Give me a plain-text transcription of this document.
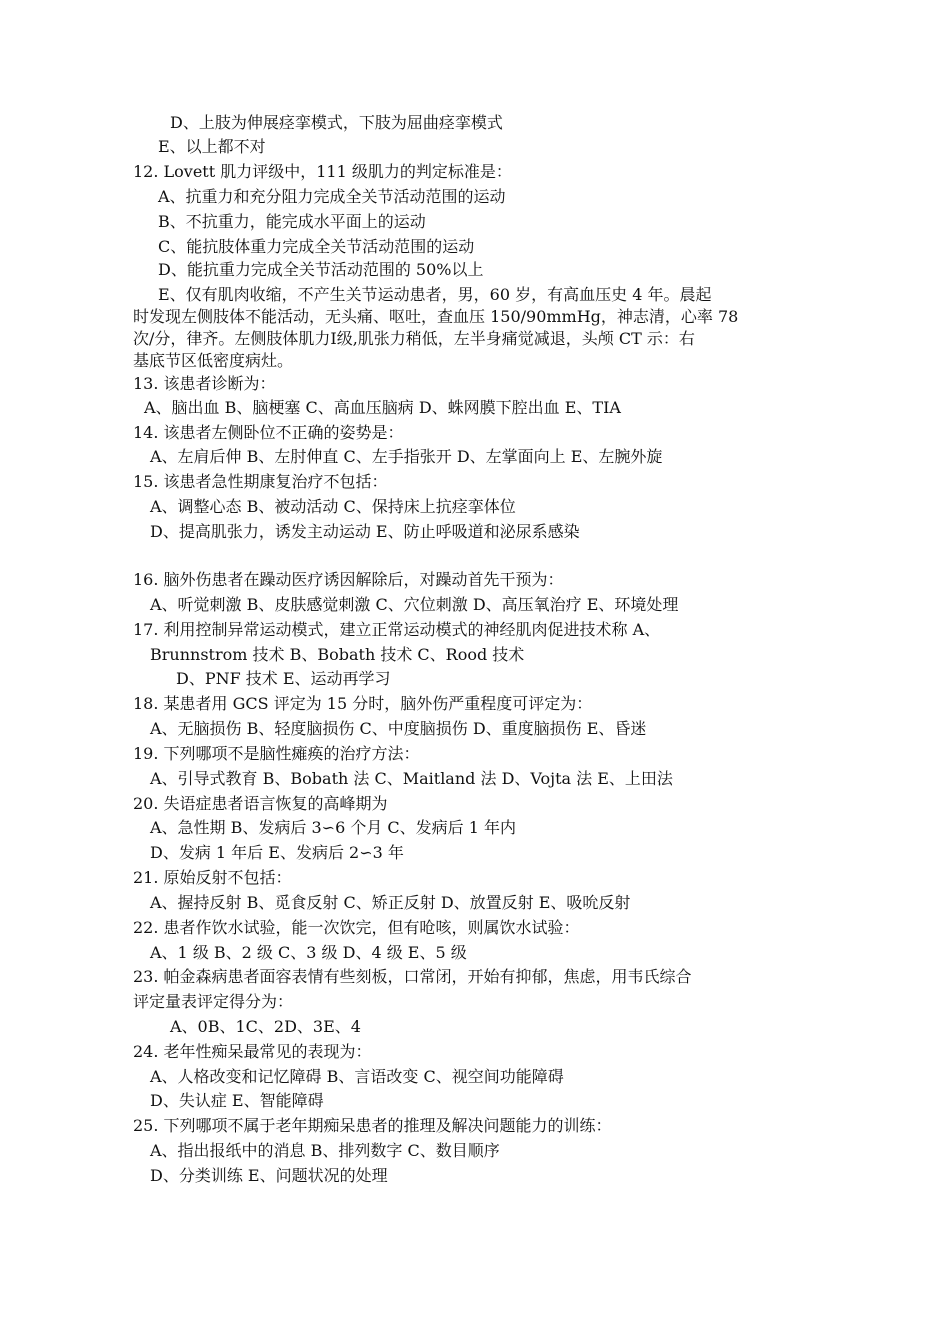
D、上肢为伸展痉挛模式，下肢为屈曲痉挛模式
E、以上都不对
12. Lovett 肌力评级中，111 级肌力的判定标准是：
A、抗重力和充分阻力完成全关节活动范围的运动
B、不抗重力，能完成水平面上的运动
C、能抗肢体重力完成全关节活动范围的运动
D、能抗重力完成全关节活动范围的 50%以上
E、仅有肌肉收缩，不产生关节运动患者，男，60 岁，有高血压史 4 年。晨起
时发现左侧肢体不能活动，无头痛、呕吐，查血压 150/90mmHg，神志清，心率 78
次/分，律齐。左侧肢体肌力Ⅰ级,肌张力稍低，左半身痛觉减退，头颅 CT 示：右
基底节区低密度病灶。
13. 该患者诊断为：
A、脑出血 B、脑梗塞 C、高血压脑病 D、蛛网膜下腔出血 E、TIA
14. 该患者左侧卧位不正确的姿势是：
A、左肩后伸 B、左肘伸直 C、左手指张开 D、左掌面向上 E、左腕外旋
15. 该患者急性期康复治疗不包括：
A、调整心态 B、被动活动 C、保持床上抗痉挛体位
D、提高肌张力，诱发主动运动 E、防止呼吸道和泌尿系感染
16. 脑外伤患者在躁动医疗诱因解除后，对躁动首先干预为：
A、听觉刺激 B、皮肤感觉刺激 C、穴位刺激 D、高压氧治疗 E、环境处理
17. 利用控制异常运动模式，建立正常运动模式的神经肌肉促进技术称 A、
Brunnstrom 技术 B、Bobath 技术 C、Rood 技术
D、PNF 技术 E、运动再学习
18. 某患者用 GCS 评定为 15 分时，脑外伤严重程度可评定为：
A、无脑损伤 B、轻度脑损伤 C、中度脑损伤 D、重度脑损伤 E、昏迷
19. 下列哪项不是脑性瘫痪的治疗方法：
A、引导式教育 B、Bobath 法 C、Maitland 法 D、Vojta 法 E、上田法
20. 失语症患者语言恢复的高峰期为
A、急性期 B、发病后 3∽6 个月 C、发病后 1 年内
D、发病 1 年后 E、发病后 2∽3 年
21. 原始反射不包括：
A、握持反射 B、觅食反射 C、矫正反射 D、放置反射 E、吸吮反射
22. 患者作饮水试验，能一次饮完，但有呛咳，则属饮水试验：
A、1 级 B、2 级 C、3 级 D、4 级 E、5 级
23. 帕金森病患者面容表情有些刻板，口常闭，开始有抑郁，焦虑，用韦氏综合
评定量表评定得分为：
A、0B、1C、2D、3E、4
24. 老年性痴呆最常见的表现为：
A、人格改变和记忆障碍 B、言语改变 C、视空间功能障碍
D、失认症 E、智能障碍
25. 下列哪项不属于老年期痴呆患者的推理及解决问题能力的训练：
A、指出报纸中的消息 B、排列数字 C、数目顺序
D、分类训练 E、问题状况的处理
